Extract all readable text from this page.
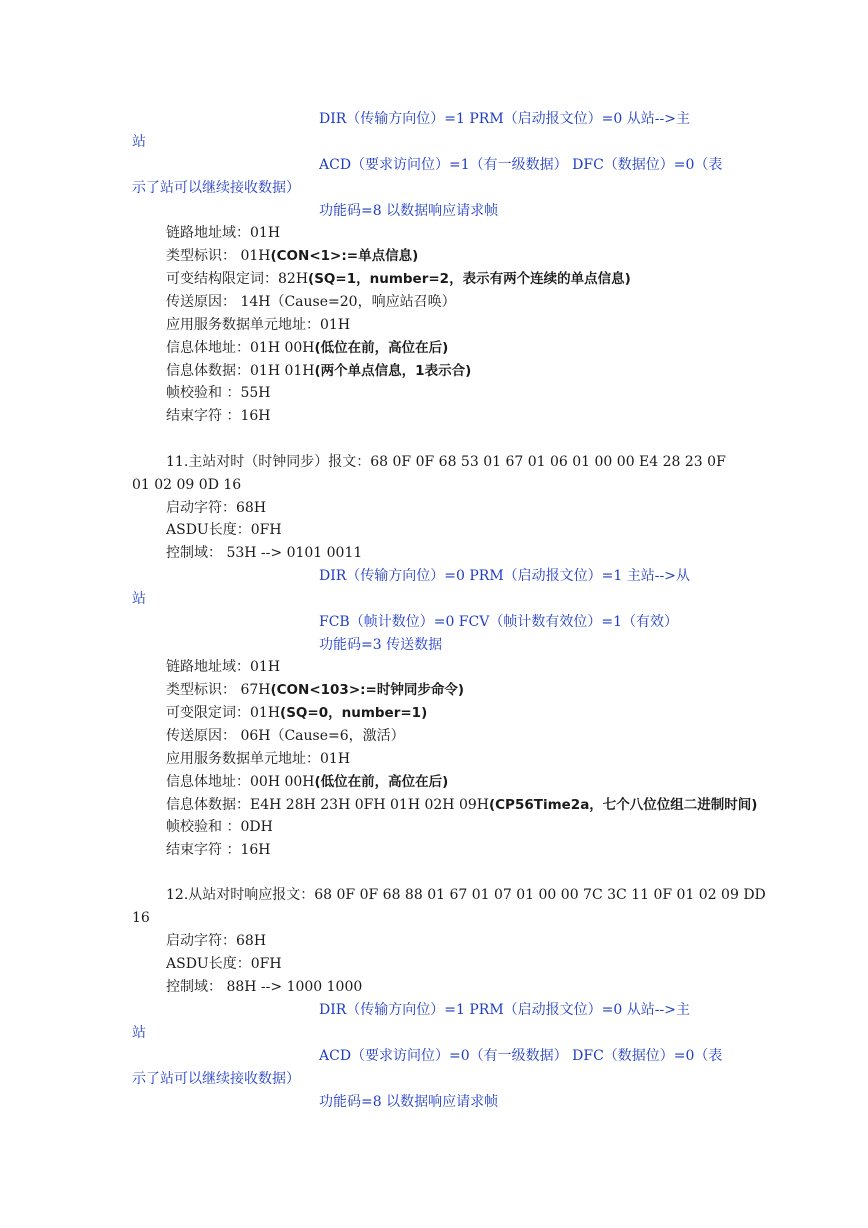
DIR（传输方向位）=1 PRM（启动报文位）=0 从站-->主
站
ACD（要求访问位）=1（有一级数据） DFC（数据位）=0（表
示了站可以继续接收数据）
功能码=8 以数据响应请求帧
链路地址域：01H
类型标识： 01H(CON<1>:=单点信息)
可变结构限定词：82H(SQ=1，number=2，表示有两个连续的单点信息)
传送原因： 14H（Cause=20，响应站召唤）
应用服务数据单元地址：01H
信息体地址：01H 00H(低位在前，高位在后)
信息体数据：01H 01H(两个单点信息，1表示合)
帧校验和 ：55H
结束字符 ：16H
11.主站对时（时钟同步）报文：68 0F 0F 68 53 01 67 01 06 01 00 00 E4 28 23 0F
01 02 09 0D 16
启动字符：68H
ASDU长度：0FH
控制域： 53H --> 0101 0011
DIR（传输方向位）=0 PRM（启动报文位）=1 主站-->从
站
FCB（帧计数位）=0 FCV（帧计数有效位）=1（有效）
功能码=3 传送数据
链路地址域：01H
类型标识： 67H(CON<103>:=时钟同步命令)
可变限定词：01H(SQ=0，number=1)
传送原因： 06H（Cause=6，激活）
应用服务数据单元地址：01H
信息体地址：00H 00H(低位在前，高位在后)
信息体数据：E4H 28H 23H 0FH 01H 02H 09H(CP56Time2a，七个八位位组二进制时间)
帧校验和 ：0DH
结束字符 ：16H
12.从站对时响应报文：68 0F 0F 68 88 01 67 01 07 01 00 00 7C 3C 11 0F 01 02 09 DD
16
启动字符：68H
ASDU长度：0FH
控制域： 88H --> 1000 1000
DIR（传输方向位）=1 PRM（启动报文位）=0 从站-->主
站
ACD（要求访问位）=0（有一级数据） DFC（数据位）=0（表
示了站可以继续接收数据）
功能码=8 以数据响应请求帧
